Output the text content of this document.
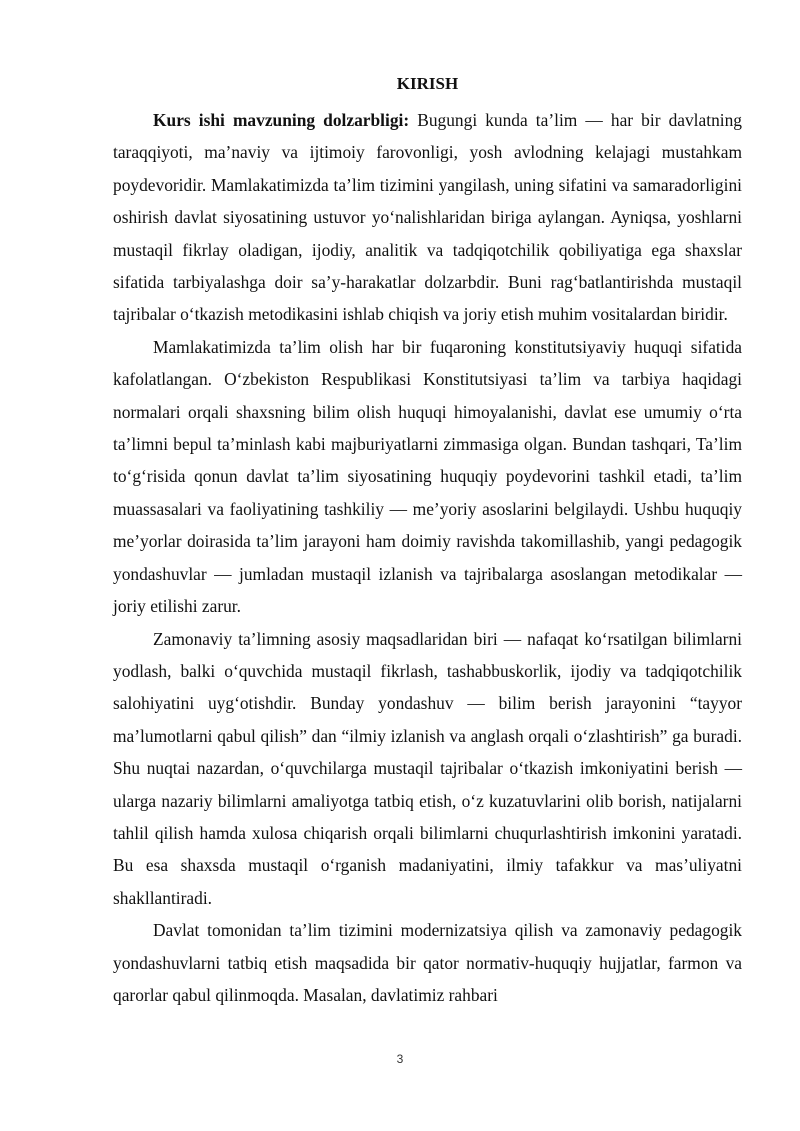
KIRISH

Kurs ishi mavzuning dolzarbligi: Bugungi kunda ta’lim — har bir davlatning taraqqiyoti, ma’naviy va ijtimoiy farovonligi, yosh avlodning kelajagi mustahkam poydevoridir. Mamlakatimizda ta’lim tizimini yangilash, uning sifatini va samaradorligini oshirish davlat siyosatining ustuvor yo‘nalishlaridan biriga aylangan. Ayniqsa, yoshlarni mustaqil fikrlay oladigan, ijodiy, analitik va tadqiqotchilik qobiliyatiga ega shaxslar sifatida tarbiyalashga doir sa’y-harakatlar dolzarbdir. Buni rag‘batlantirishda mustaqil tajribalar o‘tkazish metodikasini ishlab chiqish va joriy etish muhim vositalardan biridir.

Mamlakatimizda ta’lim olish har bir fuqaroning konstitutsiyaviy huquqi sifatida kafolatlangan. O‘zbekiston Respublikasi Konstitutsiyasi ta’lim va tarbiya haqidagi normalari orqali shaxsning bilim olish huquqi himoyalanishi, davlat ese umumiy o‘rta ta’limni bepul ta’minlash kabi majburiyatlarni zimmasiga olgan. Bundan tashqari, Ta’lim to‘g‘risida qonun davlat ta’lim siyosatining huquqiy poydevorini tashkil etadi, ta’lim muassasalari va faoliyatining tashkiliy — me’yoriy asoslarini belgilaydi. Ushbu huquqiy me’yorlar doirasida ta’lim jarayoni ham doimiy ravishda takomillashib, yangi pedagogik yondashuvlar — jumladan mustaqil izlanish va tajribalarga asoslangan metodikalar — joriy etilishi zarur.

Zamonaviy ta’limning asosiy maqsadlaridan biri — nafaqat ko‘rsatilgan bilimlarni yodlash, balki o‘quvchida mustaqil fikrlash, tashabbuskorlik, ijodiy va tadqiqotchilik salohiyatini uyg‘otishdir. Bunday yondashuv — bilim berish jarayonini “tayyor ma’lumotlarni qabul qilish” dan “ilmiy izlanish va anglash orqali o‘zlashtirish” ga buradi. Shu nuqtai nazardan, o‘quvchilarga mustaqil tajribalar o‘tkazish imkoniyatini berish — ularga nazariy bilimlarni amaliyotga tatbiq etish, o‘z kuzatuvlarini olib borish, natijalarni tahlil qilish hamda xulosa chiqarish orqali bilimlarni chuqurlashtirish imkonini yaratadi. Bu esa shaxsda mustaqil o‘rganish madaniyatini, ilmiy tafakkur va mas’uliyatni shakllantiradi.

Davlat tomonidan ta’lim tizimini modernizatsiya qilish va zamonaviy pedagogik yondashuvlarni tatbiq etish maqsadida bir qator normativ-huquqiy hujjatlar, farmon va qarorlar qabul qilinmoqda. Masalan, davlatimiz rahbari

3
